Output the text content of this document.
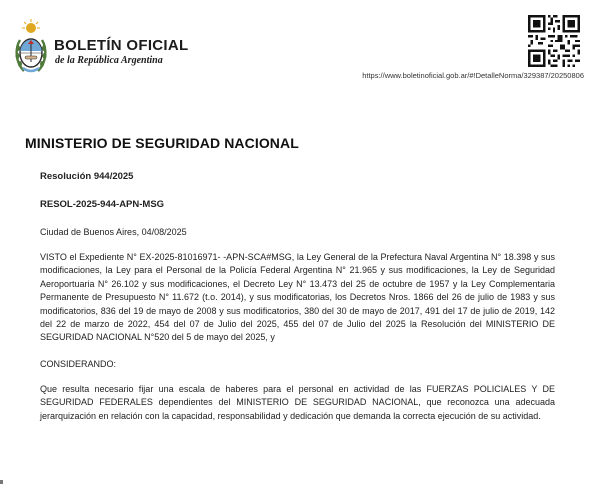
BOLETÍN OFICIAL
de la República Argentina
https://www.boletinoficial.gob.ar/#!DetalleNorma/329387/20250806
MINISTERIO DE SEGURIDAD NACIONAL

Resolución 944/2025

RESOL-2025-944-APN-MSG

Ciudad de Buenos Aires, 04/08/2025

VISTO el Expediente N° EX-2025-81016971- -APN-SCA#MSG, la Ley General de la Prefectura Naval Argentina N° 18.398 y sus modificaciones, la Ley para el Personal de la Policía Federal Argentina N° 21.965 y sus modificaciones, la Ley de Seguridad Aeroportuaria N° 26.102 y sus modificaciones, el Decreto Ley N° 13.473 del 25 de octubre de 1957 y la Ley Complementaria Permanente de Presupuesto N° 11.672 (t.o. 2014), y sus modificatorias, los Decretos Nros. 1866 del 26 de julio de 1983 y sus modificatorios, 836 del 19 de mayo de 2008 y sus modificatorios, 380 del 30 de mayo de 2017, 491 del 17 de julio de 2019, 142 del 22 de marzo de 2022, 454 del 07 de Julio del 2025, 455 del 07 de Julio del 2025 la Resolución del MINISTERIO DE SEGURIDAD NACIONAL N°520 del 5 de mayo del 2025, y

CONSIDERANDO:

Que resulta necesario fijar una escala de haberes para el personal en actividad de las FUERZAS POLICIALES Y DE SEGURIDAD FEDERALES dependientes del MINISTERIO DE SEGURIDAD NACIONAL, que reconozca una adecuada jerarquización en relación con la capacidad, responsabilidad y dedicación que demanda la correcta ejecución de su actividad.
